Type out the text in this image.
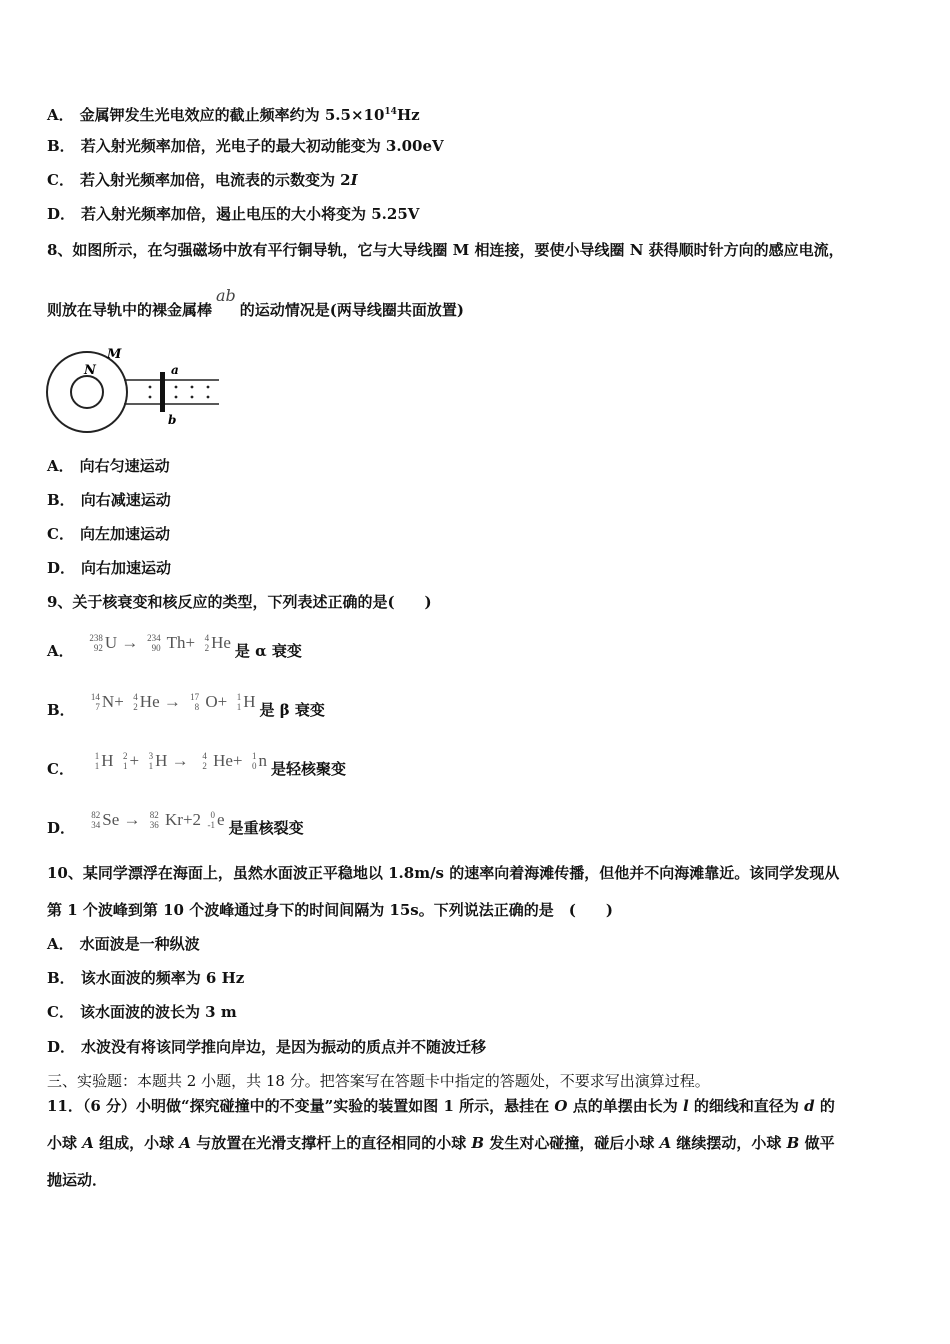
A． 金属钾发生光电效应的截止频率约为 $5.5\times 10^{14}Hz$
B． 若入射光频率加倍，光电子的最大初动能变为 3.00eV
C． 若入射光频率加倍，电流表的示数变为 2I
D． 若入射光频率加倍，遏止电压的大小将变为 5.25V
8、如图所示，在匀强磁场中放有平行铜导轨，它与大导线圈 M 相连接，要使小导线圈 N 获得顺时针方向的感应电流，
则放在导轨中的裸金属棒ab的运动情况是(两导线圈共面放置)
M
N	a
b
A． 向右匀速运动
B． 向右减速运动
C． 向左加速运动
D． 向右加速运动
9、关于核衰变和核反应的类型，下列表述正确的是(　　)
A．
238
92 U → 234
90 Th+ 4
2 He 是 α 衰变
B．
14
7 N+ 4
2 He → 17
8 O+ 1
1 H 是 β 衰变
C．
1
1 H 2
1 + 3
1 H → 4
2 He+ 1
0 n 是轻核聚变
D．
82
34 Se → 82
36 Kr+2 0
-1 e 是重核裂变
10、某同学漂浮在海面上，虽然水面波正平稳地以 1.8m/s 的速率向着海滩传播，但他并不向海滩靠近。该同学发现从
第 1 个波峰到第 10 个波峰通过身下的时间间隔为 15s。下列说法正确的是　(　　)
A． 水面波是一种纵波
B． 该水面波的频率为 6 Hz
C． 该水面波的波长为 3 m
D． 水波没有将该同学推向岸边，是因为振动的质点并不随波迁移
三、实验题：本题共 2 小题，共 18 分。把答案写在答题卡中指定的答题处，不要求写出演算过程。
11．（6 分）小明做“探究碰撞中的不变量”实验的装置如图 1 所示，悬挂在 O 点的单摆由长为 l 的细线和直径为 d 的
小球 A 组成，小球 A 与放置在光滑支撑杆上的直径相同的小球 B 发生对心碰撞，碰后小球 A 继续摆动，小球 B 做平
抛运动．
